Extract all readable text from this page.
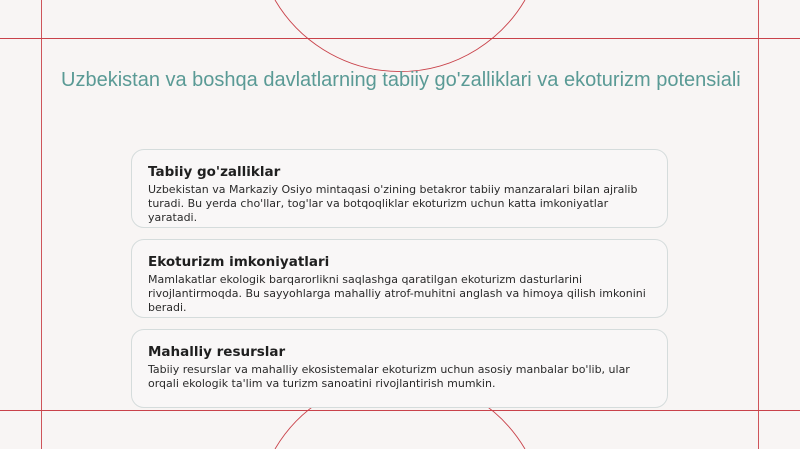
Uzbekistan va boshqa davlatlarning tabiiy go'zalliklari va ekoturizm potensiali
Tabiiy go'zalliklar

Uzbekistan va Markaziy Osiyo mintaqasi o'zining betakror tabiiy manzaralari bilan ajralib turadi. Bu yerda cho'llar, tog'lar va botqoqliklar ekoturizm uchun katta imkoniyatlar yaratadi.

Ekoturizm imkoniyatlari

Mamlakatlar ekologik barqarorlikni saqlashga qaratilgan ekoturizm dasturlarini rivojlantirmoqda. Bu sayyohlarga mahalliy atrof-muhitni anglash va himoya qilish imkonini beradi.

Mahalliy resurslar

Tabiiy resurslar va mahalliy ekosistemalar ekoturizm uchun asosiy manbalar bo'lib, ular orqali ekologik ta'lim va turizm sanoatini rivojlantirish mumkin.
